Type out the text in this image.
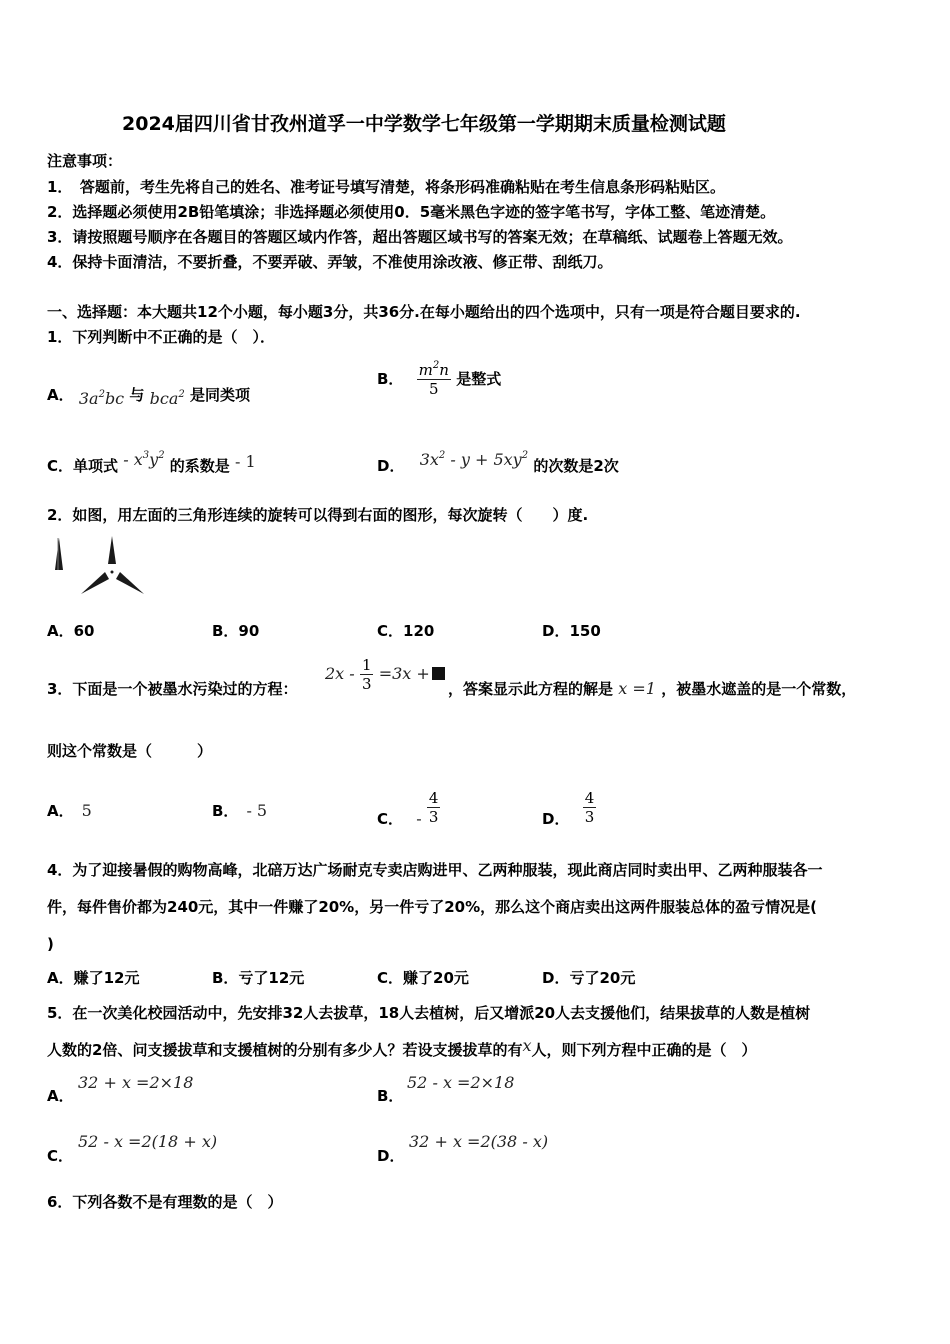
2024届四川省甘孜州道孚一中学数学七年级第一学期期末质量检测试题
注意事项：
1．　答题前，考生先将自己的姓名、准考证号填写清楚，将条形码准确粘贴在考生信息条形码粘贴区。
2．选择题必须使用2B铅笔填涂；非选择题必须使用0．5毫米黑色字迹的签字笔书写，字体工整、笔迹清楚。
3．请按照题号顺序在各题目的答题区域内作答，超出答题区域书写的答案无效；在草稿纸、试题卷上答题无效。
4．保持卡面清洁，不要折叠，不要弄破、弄皱，不准使用涂改液、修正带、刮纸刀。
一、选择题：本大题共12个小题，每小题3分，共36分.在每小题给出的四个选项中，只有一项是符合题目要求的.
1．下列判断中不正确的是（　）．
A． $3a^2bc$ 与 bca$^2$ 是同类项
B． $\frac{m^2n}{5}$ 是整式
C．单项式 - $x^3y^2$ 的系数是 - 1	D． $3x^2 - y + 5xy^2$ 的次数是2次
2．如图，用左面的三角形连续的旋转可以得到右面的图形，每次旋转（　　）度.
A．60	B．90	C．120	D．150
3．下面是一个被墨水污染过的方程：
$2x - \frac{1}{3} =3x$ +
，答案显示此方程的解是 x =1 ，被墨水遮盖的是一个常数，
则这个常数是（　　　）
A． 5	B． - 5	C． - $\frac{4}{3}$	D． $\frac{4}{3}$
4．为了迎接暑假的购物高峰，北碚万达广场耐克专卖店购进甲、乙两种服装，现此商店同时卖出甲、乙两种服装各一
件，每件售价都为240元，其中一件赚了20%，另一件亏了20%，那么这个商店卖出这两件服装总体的盈亏情况是(
)
A．赚了12元	B．亏了12元	C．赚了20元	D．亏了20元
5．在一次美化校园活动中，先安排32人去拔草，18人去植树，后又增派20人去支援他们，结果拔草的人数是植树
人数的2倍、问支援拔草和支援植树的分别有多少人？若设支援拔草的有x人，则下列方程中正确的是（　）
A．
32 + x =2×18
B．
52 - x =2×18
C．
52 - x =2(18 + x)
D．
32 + x =2(38 - x)
6．下列各数不是有理数的是（　）
